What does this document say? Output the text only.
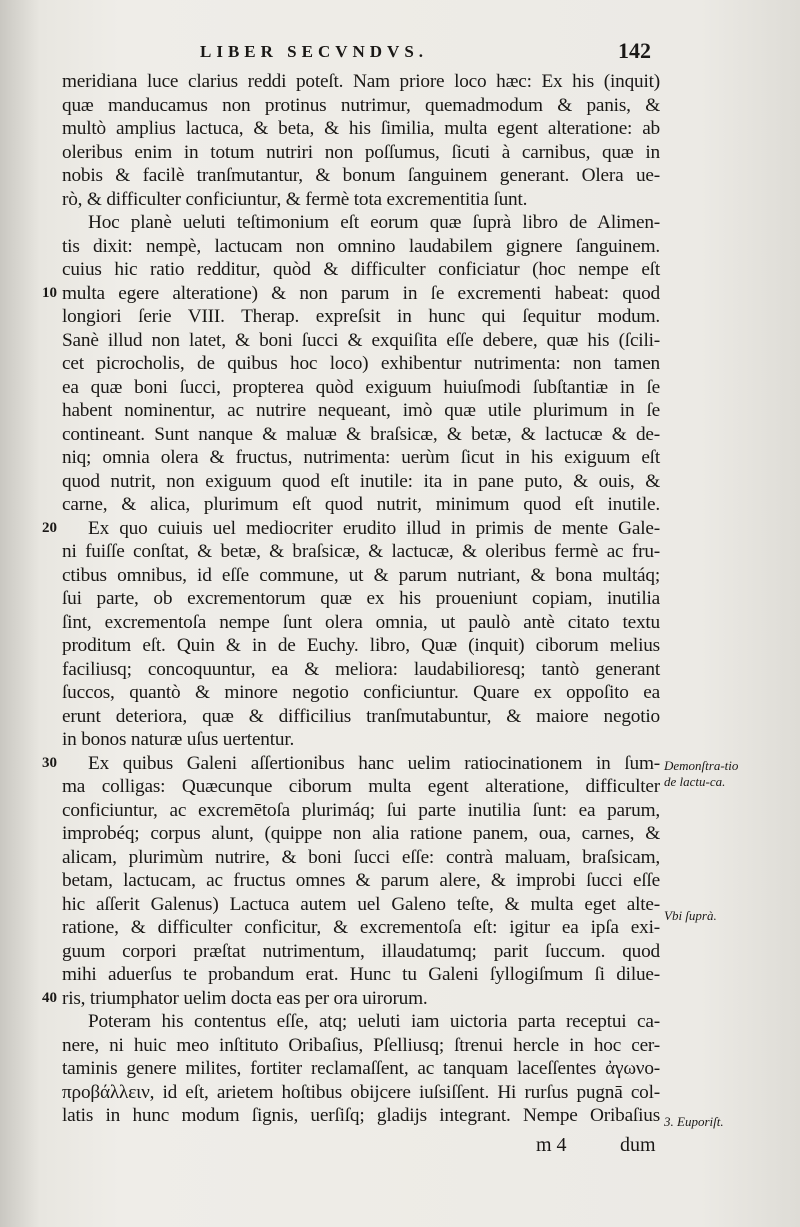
LIBER SECVNDVS.	142
meridiana luce clarius reddi poteſt. Nam priore loco hæc: Ex his (inquit)
quæ manducamus non protinus nutrimur, quemadmodum & panis, &
multò amplius lactuca, & beta, & his ſimilia, multa egent alteratione: ab
oleribus enim in totum nutriri non poſſumus, ſicuti à carnibus, quæ in
nobis & facilè tranſmutantur, & bonum ſanguinem generant. Olera ue-
rò, & difficulter conficiuntur, & fermè tota excrementitia ſunt.
Hoc planè ueluti teſtimonium eſt eorum quæ ſuprà libro de Alimen-
tis dixit: nempè, lactucam non omnino laudabilem gignere ſanguinem.
cuius hic ratio redditur, quòd & difficulter conficiatur (hoc nempe eſt
multa egere alteratione) & non parum in ſe excrementi habeat: quod
longiori ſerie VIII. Therap. expreſsit in hunc qui ſequitur modum.
Sanè illud non latet, & boni ſucci & exquiſita eſſe debere, quæ his (ſcili-
cet picrocholis, de quibus hoc loco) exhibentur nutrimenta: non tamen
ea quæ boni ſucci, propterea quòd exiguum huiuſmodi ſubſtantiæ in ſe
habent nominentur, ac nutrire nequeant, imò quæ utile plurimum in ſe
contineant. Sunt nanque & maluæ & braſsicæ, & betæ, & lactucæ & de-
niq; omnia olera & fructus, nutrimenta: uerùm ſicut in his exiguum eſt
quod nutrit, non exiguum quod eſt inutile: ita in pane puto, & ouis, &
carne, & alica, plurimum eſt quod nutrit, minimum quod eſt inutile.
Ex quo cuiuis uel mediocriter erudito illud in primis de mente Gale-
ni fuiſſe conſtat, & betæ, & braſsicæ, & lactucæ, & oleribus fermè ac fru-
ctibus omnibus, id eſſe commune, ut & parum nutriant, & bona multáq;
ſui parte, ob excrementorum quæ ex his proueniunt copiam, inutilia
ſint, excrementoſa nempe ſunt olera omnia, ut paulò antè citato textu
proditum eſt. Quin & in de Euchy. libro, Quæ (inquit) ciborum melius
faciliusq; concoquuntur, ea & meliora: laudabilioresq; tantò generant
ſuccos, quantò & minore negotio conficiuntur. Quare ex oppoſito ea
erunt deteriora, quæ & difficilius tranſmutabuntur, & maiore negotio
in bonos naturæ uſus uertentur.
Ex quibus Galeni aſſertionibus hanc uelim ratiocinationem in ſum-
ma colligas: Quæcunque ciborum multa egent alteratione, difficulter
conficiuntur, ac excremētoſa plurimáq; ſui parte inutilia ſunt: ea parum,
improbéq; corpus alunt, (quippe non alia ratione panem, oua, carnes, &
alicam, plurimùm nutrire, & boni ſucci eſſe: contrà maluam, braſsicam,
betam, lactucam, ac fructus omnes & parum alere, & improbi ſucci eſſe
hic aſſerit Galenus) Lactuca autem uel Galeno teſte, & multa eget alte-
ratione, & difficulter conficitur, & excrementoſa eſt: igitur ea ipſa exi-
guum corpori præſtat nutrimentum, illaudatumq; parit ſuccum. quod
mihi aduerſus te probandum erat. Hunc tu Galeni ſyllogiſmum ſi dilue-
ris, triumphator uelim docta eas per ora uirorum.
Poteram his contentus eſſe, atq; ueluti iam uictoria parta receptui ca-
nere, ni huic meo inſtituto Oribaſius, Pſelliusq; ſtrenui hercle in hoc cer-
taminis genere milites, fortiter reclamaſſent, ac tanquam laceſſentes ἀγωνο-
προβάλλειν, id eſt, arietem hoſtibus obijcere iuſsiſſent. Hi rurſus pugnā col-
latis in hunc modum ſignis, uerſiſq; gladijs integrant. Nempe Oribaſius
10
20
30
40
Demonſtra-tio de lactu-ca.
Vbi ſuprà.
3. Euporiſt.
m 4	dum
